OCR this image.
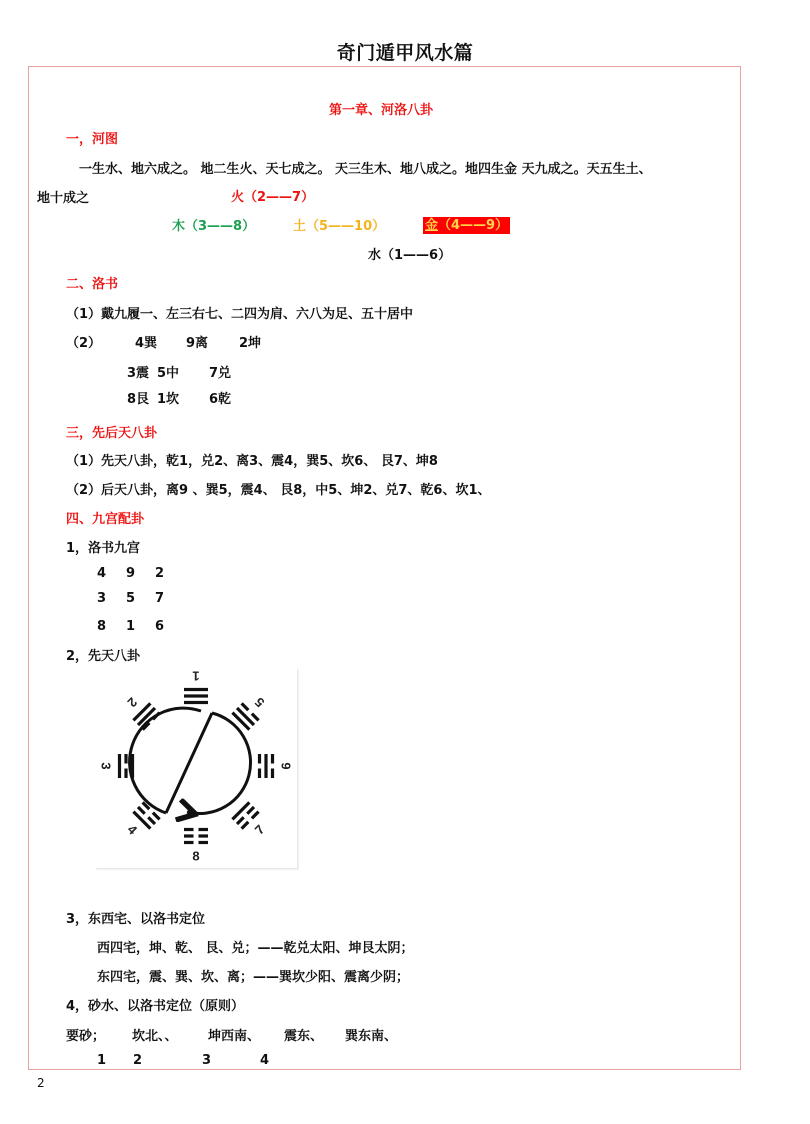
奇门遁甲风水篇
第一章、河洛八卦
一，河图
一生水、地六成之。 地二生火、天七成之。 天三生木、地八成之。地四生金 天九成之。天五生土、
地十成之	火（2——7）
木（3——8）	土（5——10）	金（4——9）
水（1——6）
二、洛书
（1）戴九履一、左三右七、二四为肩、六八为足、五十居中
（2）	4巽 9离 2坤
3震 5中 7兑
8艮 1坎 6乾
三，先后天八卦
（1）先天八卦，乾1，兑2、离3、震4，巽5、坎6、 艮7、坤8
（2）后天八卦，离9 、巽5，震4、 艮8，中5、坤2、兑7、乾6、坎1、
四、九宫配卦
1，洛书九宫
4 9 2
3 5 7
8 1 6
2，先天八卦
1
5
6
7
8
4
3
2
3，东西宅、以洛书定位
西四宅，坤、乾、 艮、兑；——乾兑太阳、坤艮太阴；
东四宅，震、巽、坎、离；——巽坎少阳、震离少阴；
4，砂水、以洛书定位（原则）
要砂； 坎北、、 坤西南、 震东、 巽东南、
1 2	3	4
2
